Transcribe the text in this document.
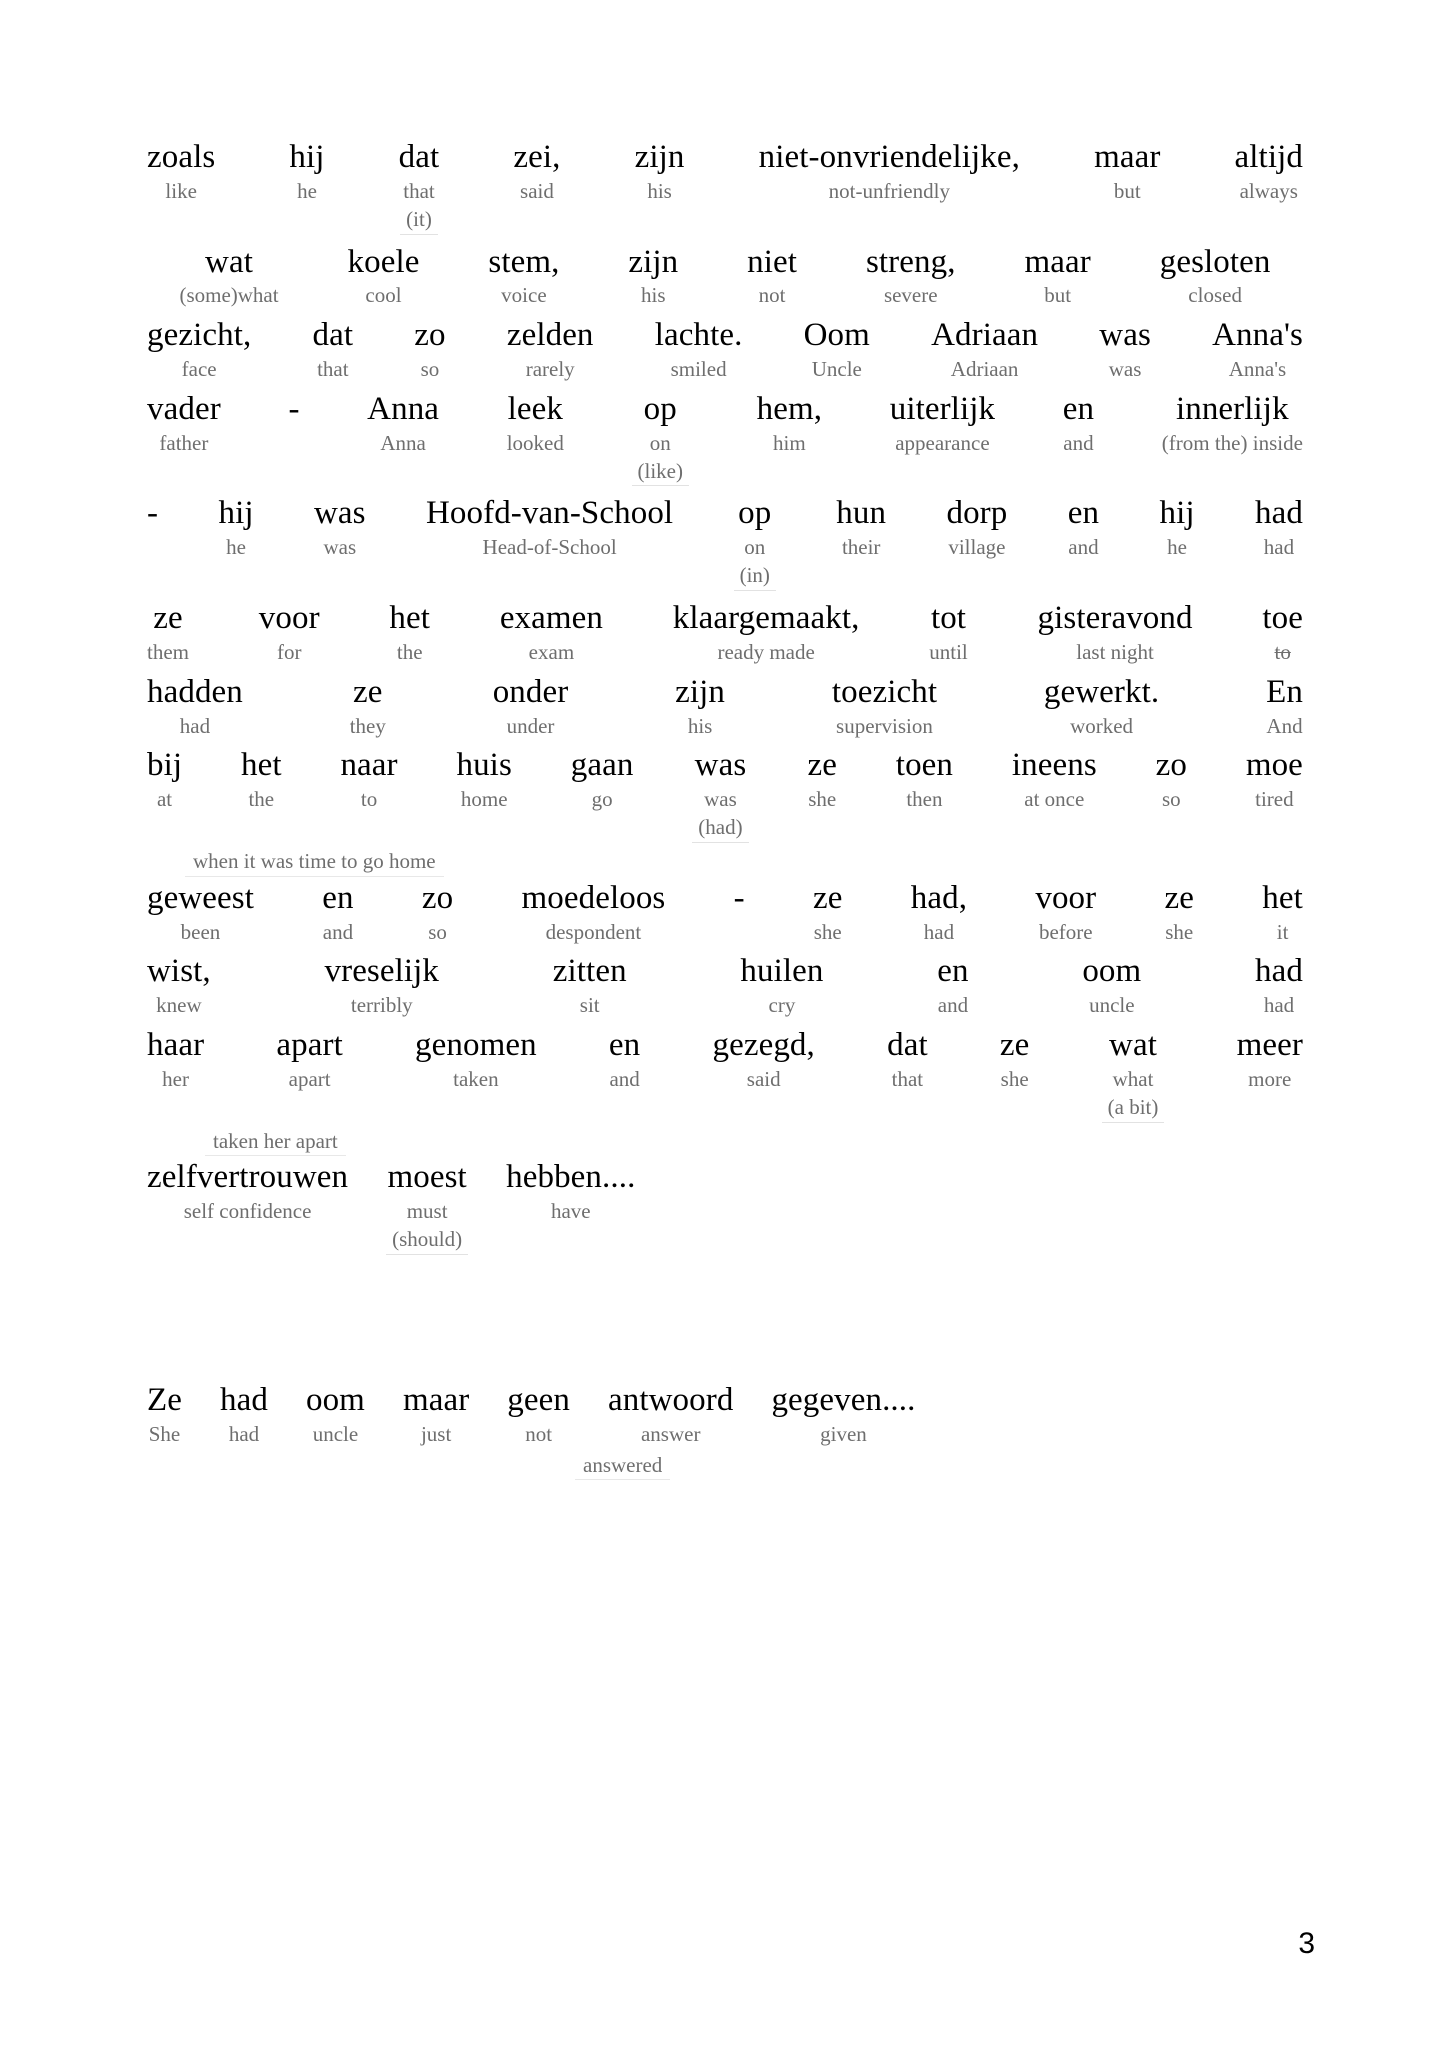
zoals
like
hij
he
dat
that
(it)
zei,
said
zijn
his
niet-onvriendelijke,
not-unfriendly
maar
but
altijd
always
wat
(some)what
koele
cool
stem,
voice
zijn
his
niet
not
streng,
severe
maar
but
gesloten
closed
gezicht,
face
dat
that
zo
so
zelden
rarely
lachte.
smiled
Oom
Uncle
Adriaan
Adriaan
was
was
Anna's
Anna's
vader
father
- Anna
Anna
leek
looked
op
on
(like)
hem,
him
uiterlijk
appearance
en
and
innerlijk
(from the) inside
- hij
he
was
was
Hoofd-van-School
Head-of-School
op
on
(in)
hun
their
dorp
village
en
and
hij
he
had
had
ze
them
voor
for
het
the
examen
exam
klaargemaakt,
ready made
tot
until
gisteravond
last night
toe
to
hadden
had
ze
they
onder
under
zijn
his
toezicht
supervision
gewerkt.
worked
En
And
bij
at
het
the
naar
to
huis
home
gaan
go
was
was
(had)
ze
she
toen
then
ineens
at once
zo
so
moe
tired
when it was time to go home
geweest
been
en
and
zo
so
moedeloos
despondent
- ze
she
had,
had
voor
before
ze
she
het
it
wist,
knew
vreselijk
terribly
zitten
sit
huilen
cry
en
and
oom
uncle
had
had
haar
her
apart
apart
genomen
taken
en
and
gezegd,
said
dat
that
ze
she
wat
what
(a bit)
meer
more
taken her apart
zelfvertrouwen
self confidence
moest
must
(should)
hebben....
have
Ze
She
had
had
oom
uncle
maar
just
geen
not
antwoord
answer
gegeven....
given
answered
3
